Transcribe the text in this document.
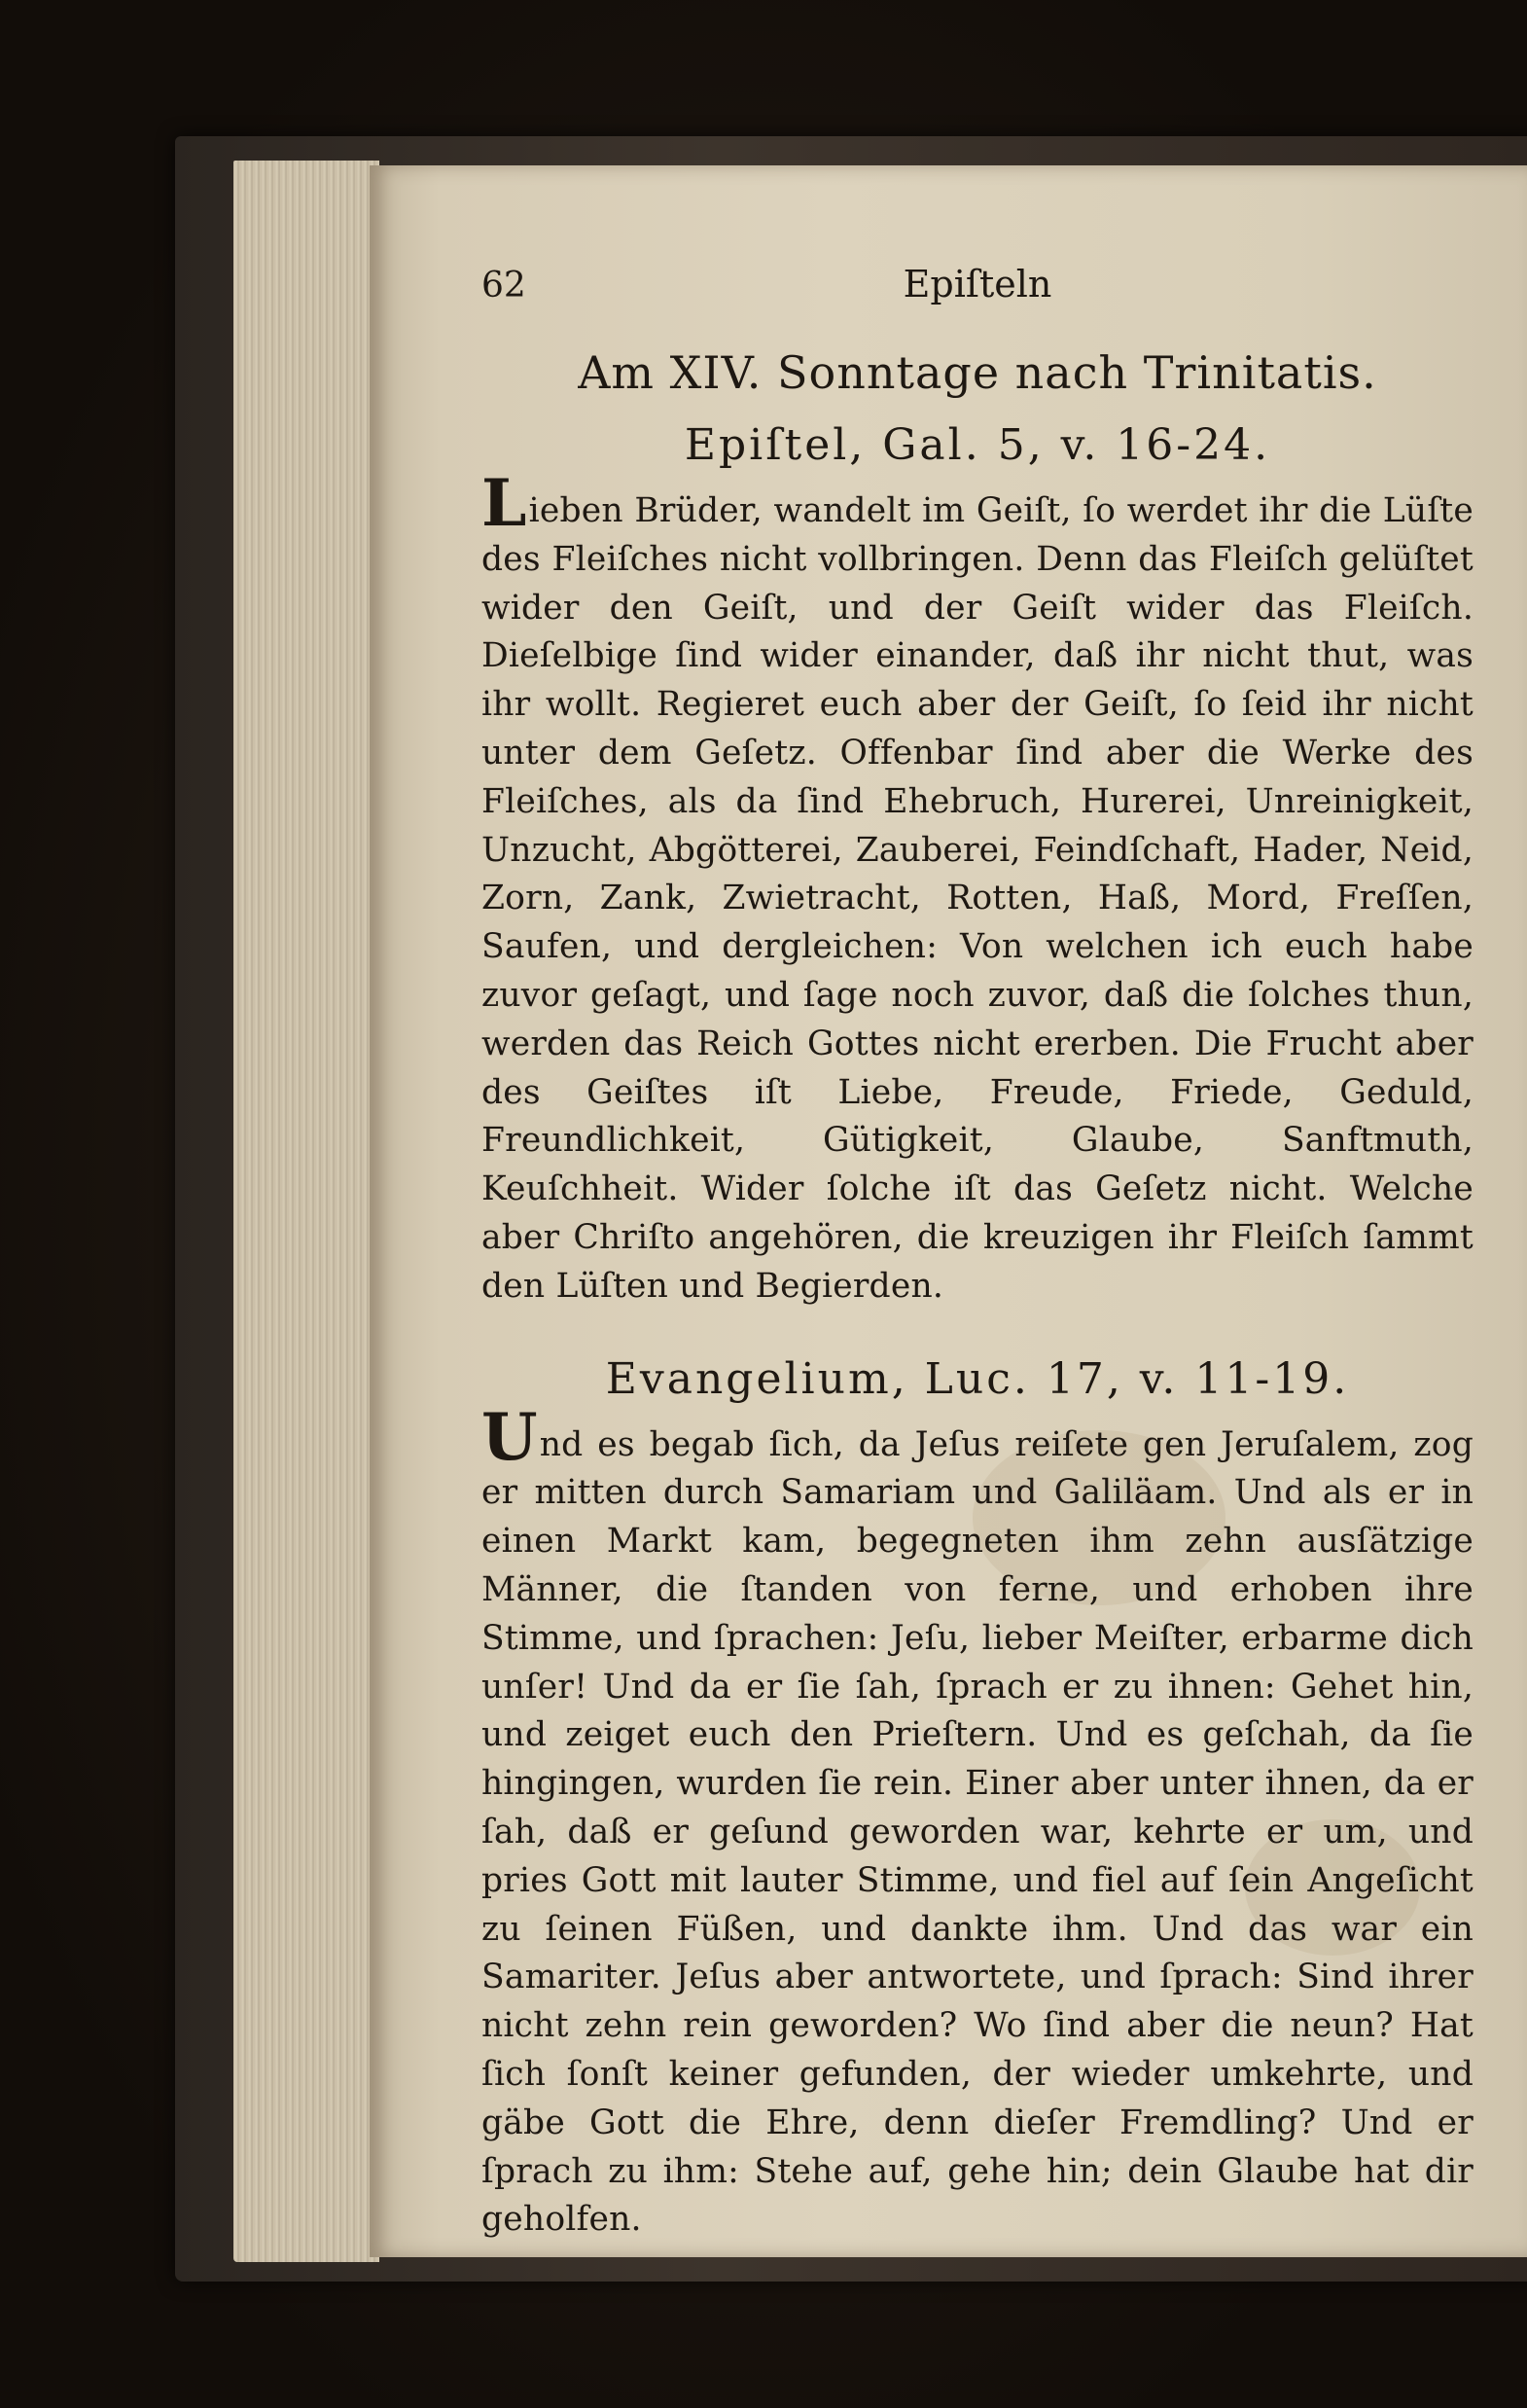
62	Epiſteln
Am XIV. Sonntage nach Trinitatis.
Epiſtel, Gal. 5, v. 16-24.
Lieben Brüder, wandelt im Geiſt, ſo werdet ihr die Lüſte des Fleiſches nicht vollbringen. Denn das Fleiſch gelüſtet wider den Geiſt, und der Geiſt wider das Fleiſch. Dieſelbige ſind wider einander, daß ihr nicht thut, was ihr wollt. Regieret euch aber der Geiſt, ſo ſeid ihr nicht unter dem Geſetz. Offenbar ſind aber die Werke des Fleiſches, als da ſind Ehebruch, Hurerei, Unreinigkeit, Unzucht, Abgötterei, Zauberei, Feindſchaft, Hader, Neid, Zorn, Zank, Zwietracht, Rotten, Haß, Mord, Freſſen, Saufen, und dergleichen: Von welchen ich euch habe zuvor geſagt, und ſage noch zuvor, daß die ſolches thun, werden das Reich Gottes nicht ererben. Die Frucht aber des Geiſtes iſt Liebe, Freude, Friede, Geduld, Freundlichkeit, Gütigkeit, Glaube, Sanftmuth, Keuſchheit. Wider ſolche iſt das Geſetz nicht. Welche aber Chriſto angehören, die kreuzigen ihr Fleiſch ſammt den Lüſten und Begierden.
Evangelium, Luc. 17, v. 11-19.
Und es begab ſich, da Jeſus reiſete gen Jeruſalem, zog er mitten durch Samariam und Galiläam. Und als er in einen Markt kam, begegneten ihm zehn ausſätzige Männer, die ſtanden von ferne, und erhoben ihre Stimme, und ſprachen: Jeſu, lieber Meiſter, erbarme dich unſer! Und da er ſie ſah, ſprach er zu ihnen: Gehet hin, und zeiget euch den Prieſtern. Und es geſchah, da ſie hingingen, wurden ſie rein. Einer aber unter ihnen, da er ſah, daß er geſund geworden war, kehrte er um, und pries Gott mit lauter Stimme, und fiel auf ſein Angeſicht zu ſeinen Füßen, und dankte ihm. Und das war ein Samariter. Jeſus aber antwortete, und ſprach: Sind ihrer nicht zehn rein geworden? Wo ſind aber die neun? Hat ſich ſonſt keiner gefunden, der wieder umkehrte, und gäbe Gott die Ehre, denn dieſer Fremdling? Und er ſprach zu ihm: Stehe auf, gehe hin; dein Glaube hat dir geholfen.
